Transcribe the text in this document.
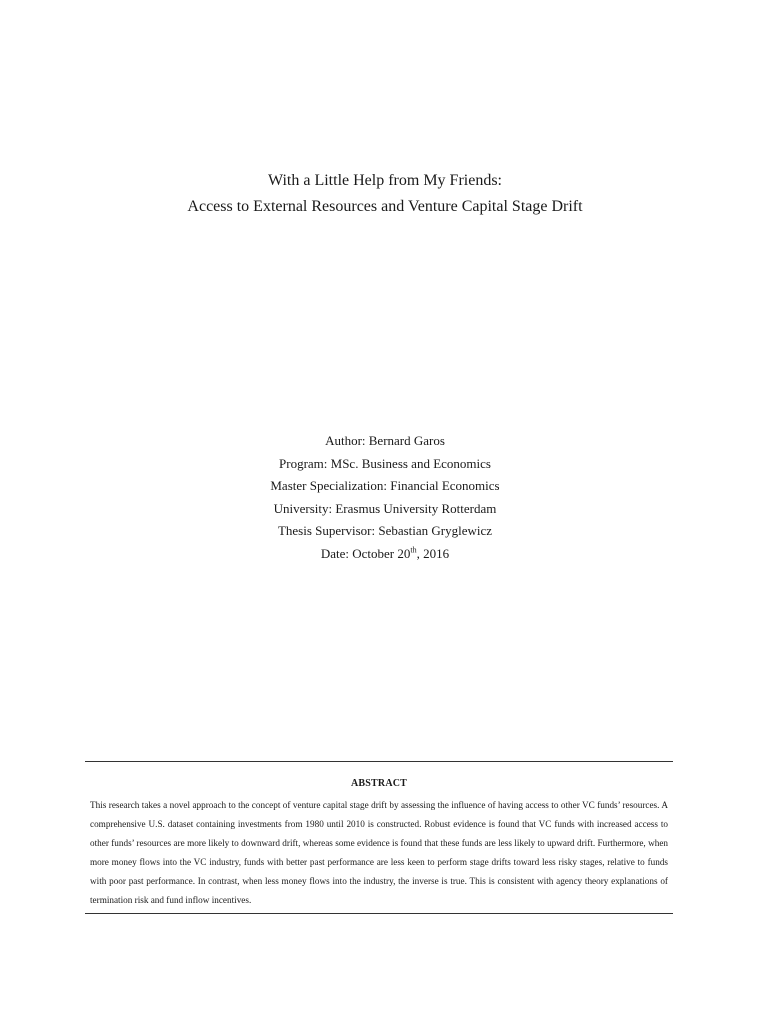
With a Little Help from My Friends:

Access to External Resources and Venture Capital Stage Drift

Author: Bernard Garos

Program: MSc. Business and Economics

Master Specialization: Financial Economics

University: Erasmus University Rotterdam

Thesis Supervisor: Sebastian Gryglewicz

Date: October 20th, 2016

ABSTRACT

This research takes a novel approach to the concept of venture capital stage drift by assessing the influence of having access to other VC funds’ resources. A comprehensive U.S. dataset containing investments from 1980 until 2010 is constructed. Robust evidence is found that VC funds with increased access to other funds’ resources are more likely to downward drift, whereas some evidence is found that these funds are less likely to upward drift. Furthermore, when more money flows into the VC industry, funds with better past performance are less keen to perform stage drifts toward less risky stages, relative to funds with poor past performance. In contrast, when less money flows into the industry, the inverse is true. This is consistent with agency theory explanations of termination risk and fund inflow incentives.
